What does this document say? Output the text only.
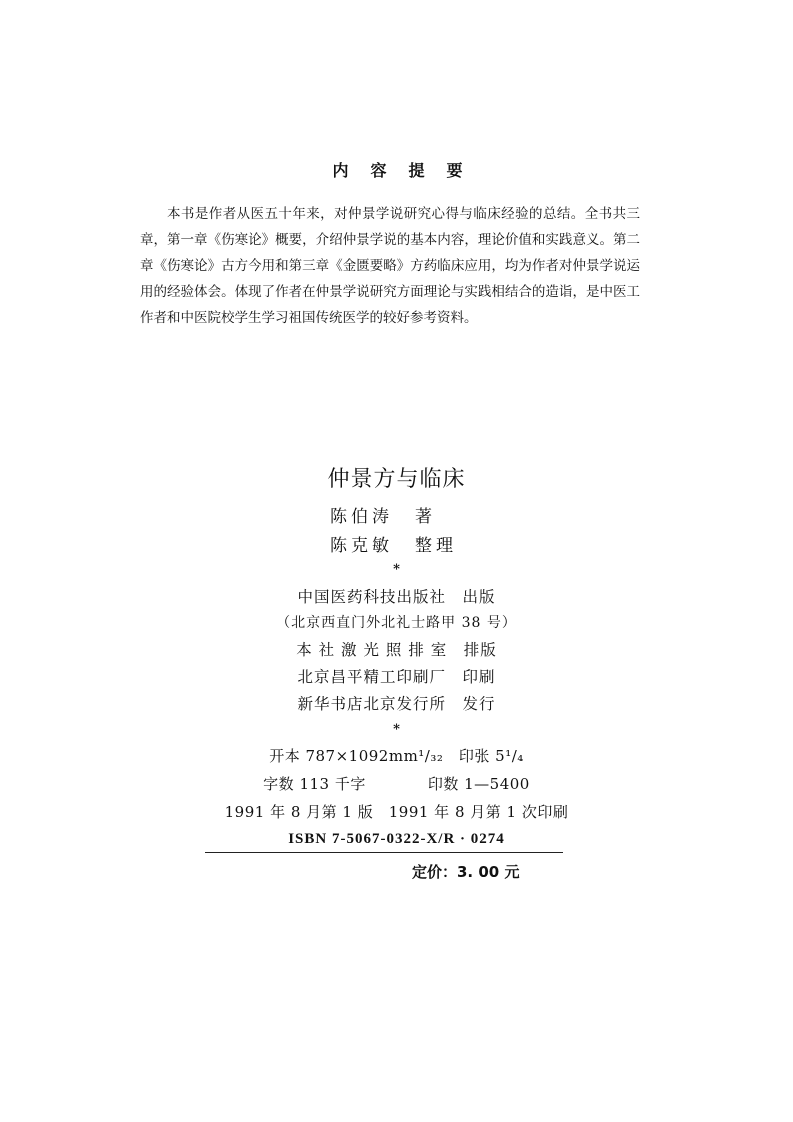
内容提要

本书是作者从医五十年来，对仲景学说研究心得与临床经验的总结。全书共三章，第一章《伤寒论》概要，介绍仲景学说的基本内容，理论价值和实践意义。第二章《伤寒论》古方今用和第三章《金匮要略》方药临床应用，均为作者对仲景学说运用的经验体会。体现了作者在仲景学说研究方面理论与实践相结合的造诣，是中医工作者和中医院校学生学习祖国传统医学的较好参考资料。

仲景方与临床
陈伯涛 著
陈克敏 整理
*
中国医药科技出版社　出版
（北京西直门外北礼士路甲 38 号）
本 社 激 光 照 排 室　排版
北京昌平精工印刷厂　印刷
新华书店北京发行所　发行
*
开本 787×1092mm¹/₃₂　印张 5¹/₄
字数 113 千字　　　　印数 1—5400
1991 年 8 月第 1 版　1991 年 8 月第 1 次印刷
ISBN 7-5067-0322-X/R · 0274
定价：3. 00 元
